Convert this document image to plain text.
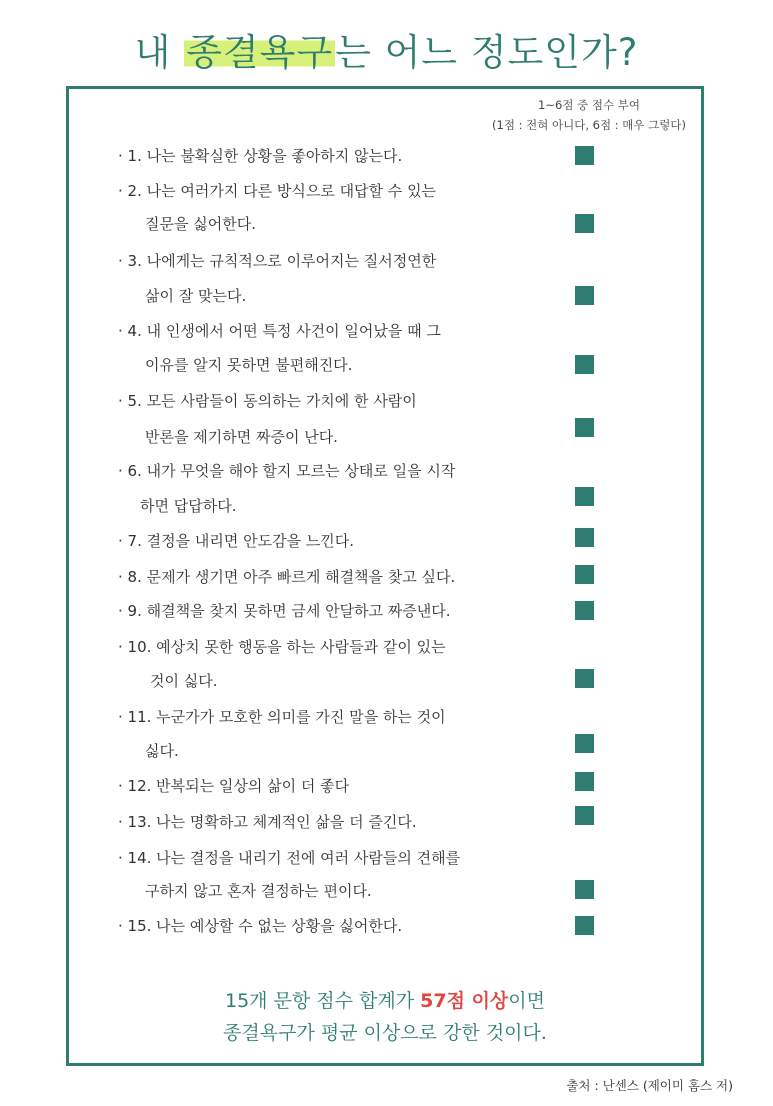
내 종결욕구는 어느 정도인가?
1~6점 중 점수 부여
(1점 : 전혀 아니다, 6점 : 매우 그렇다)
· 1. 나는 불확실한 상황을 좋아하지 않는다.
· 2. 나는 여러가지 다른 방식으로 대답할 수 있는
질문을 싫어한다.
· 3. 나에게는 규칙적으로 이루어지는 질서정연한
삶이 잘 맞는다.
· 4. 내 인생에서 어떤 특정 사건이 일어났을 때 그
이유를 알지 못하면 불편해진다.
· 5. 모든 사람들이 동의하는 가치에 한 사람이
반론을 제기하면 짜증이 난다.
· 6. 내가 무엇을 해야 할지 모르는 상태로 일을 시작
하면 답답하다.
· 7. 결정을 내리면 안도감을 느낀다.
· 8. 문제가 생기면 아주 빠르게 해결책을 찾고 싶다.
· 9. 해결책을 찾지 못하면 금세 안달하고 짜증낸다.
· 10. 예상치 못한 행동을 하는 사람들과 같이 있는
것이 싫다.
· 11. 누군가가 모호한 의미를 가진 말을 하는 것이
싫다.
· 12. 반복되는 일상의 삶이 더 좋다
· 13. 나는 명확하고 체계적인 삶을 더 즐긴다.
· 14. 나는 결정을 내리기 전에 여러 사람들의 견해를
구하지 않고 혼자 결정하는 편이다.
· 15. 나는 예상할 수 없는 상황을 싫어한다.
15개 문항 점수 합계가 57점 이상이면
종결욕구가 평균 이상으로 강한 것이다.
출처 : 난센스 (제이미 홈스 저)
